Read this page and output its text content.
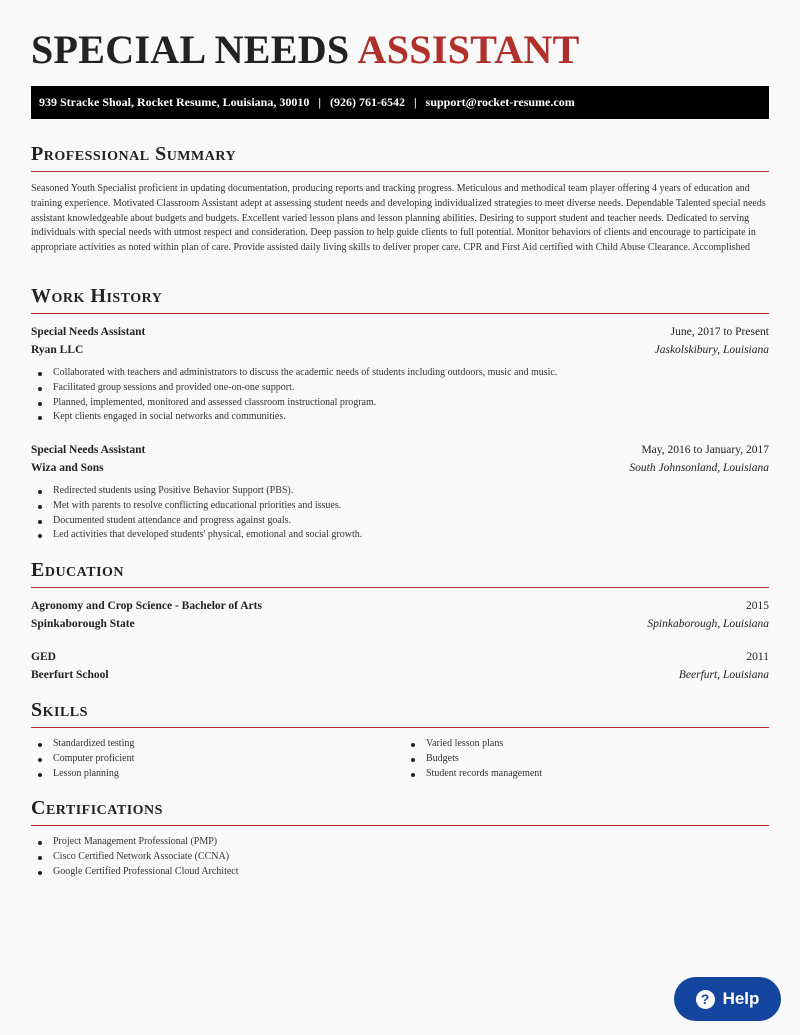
SPECIAL NEEDS ASSISTANT
939 Stracke Shoal, Rocket Resume, Louisiana, 30010 | (926) 761-6542 | support@rocket-resume.com
Professional Summary
Seasoned Youth Specialist proficient in updating documentation, producing reports and tracking progress. Meticulous and methodical team player offering 4 years of education and training experience. Motivated Classroom Assistant adept at assessing student needs and developing individualized strategies to meet diverse needs. Dependable Talented special needs assistant knowledgeable about budgets and budgets. Excellent varied lesson plans and lesson planning abilities. Desiring to support student and teacher needs. Dedicated to serving individuals with special needs with utmost respect and consideration. Deep passion to help guide clients to full potential. Monitor behaviors of clients and encourage to participate in appropriate activities as noted within plan of care. Provide assisted daily living skills to deliver proper care. CPR and First Aid certified with Child Abuse Clearance. Accomplished
Work History
Special Needs Assistant	June, 2017 to Present
Ryan LLC	Jaskolskibury, Louisiana
Collaborated with teachers and administrators to discuss the academic needs of students including outdoors, music and music.
Facilitated group sessions and provided one-on-one support.
Planned, implemented, monitored and assessed classroom instructional program.
Kept clients engaged in social networks and communities.
Special Needs Assistant	May, 2016 to January, 2017
Wiza and Sons	South Johnsonland, Louisiana
Redirected students using Positive Behavior Support (PBS).
Met with parents to resolve conflicting educational priorities and issues.
Documented student attendance and progress against goals.
Led activities that developed students' physical, emotional and social growth.
Education
Agronomy and Crop Science - Bachelor of Arts	2015
Spinkaborough State	Spinkaborough, Louisiana
GED	2011
Beerfurt School	Beerfurt, Louisiana
Skills
Standardized testing
Computer proficient
Lesson planning
Varied lesson plans
Budgets
Student records management
Certifications
Project Management Professional (PMP)
Cisco Certified Network Associate (CCNA)
Google Certified Professional Cloud Architect
? Help
